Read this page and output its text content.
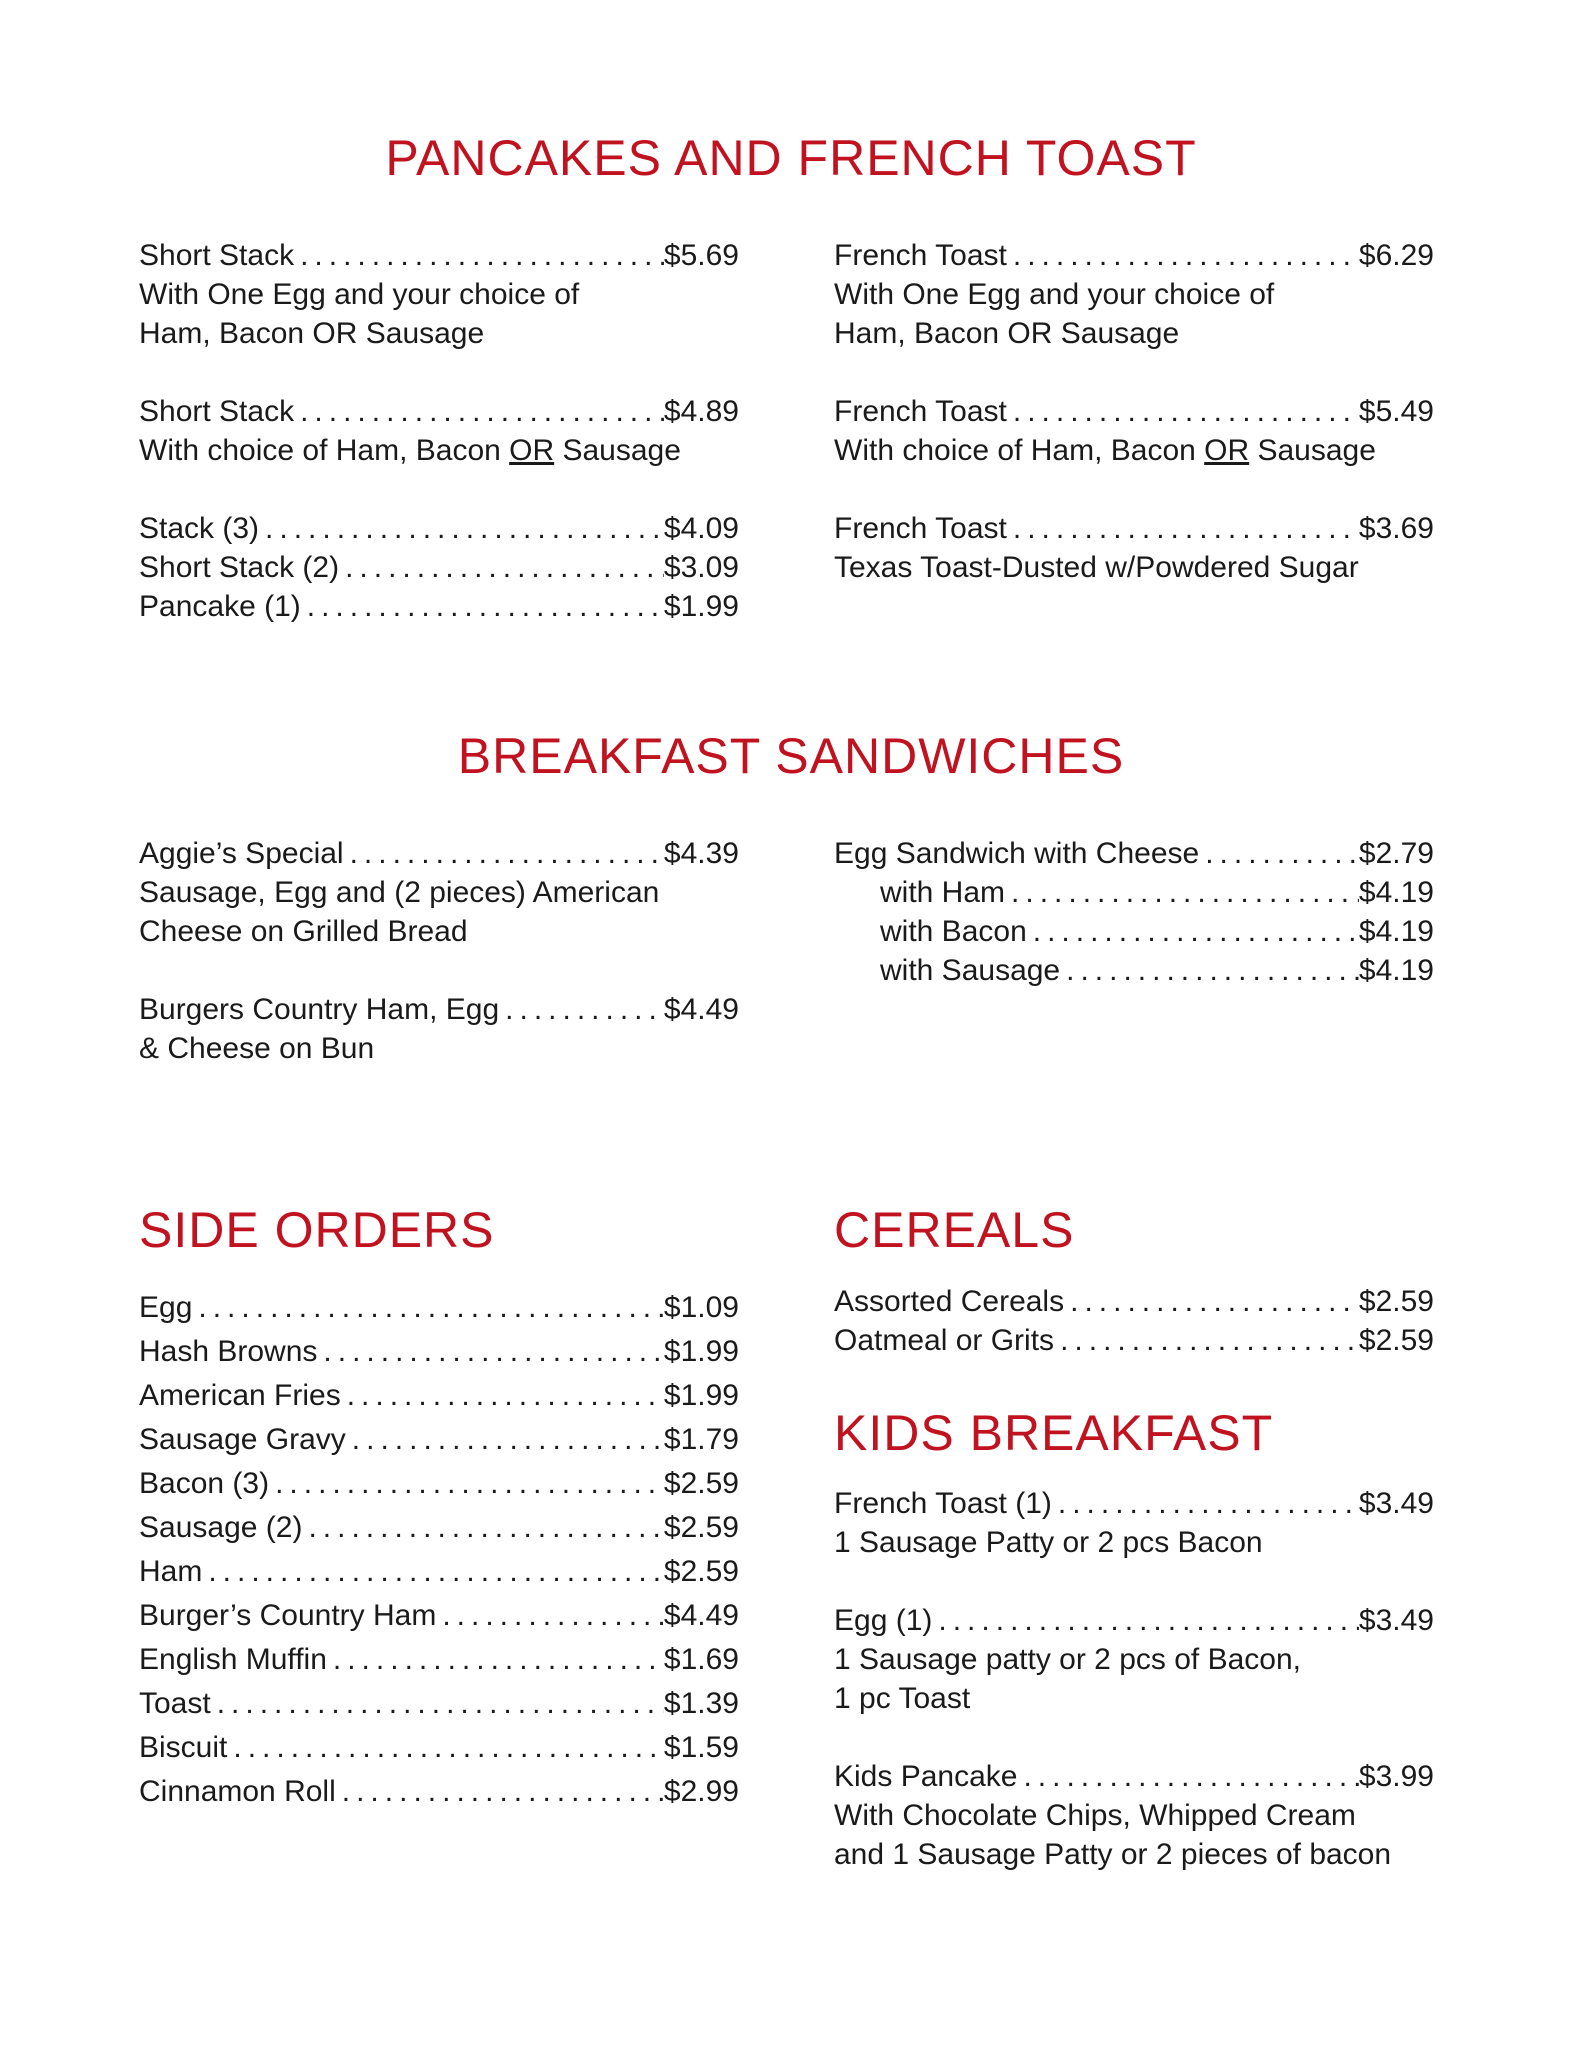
PANCAKES AND FRENCH TOAST
Short Stack .....	$5.69
With One Egg and your choice of
Ham, Bacon OR Sausage
Short Stack .....	$4.89
With choice of Ham, Bacon OR Sausage
Stack (3) .....	$4.09
Short Stack (2) .....	$3.09
Pancake (1) .....	$1.99
French Toast .....	$6.29
With One Egg and your choice of
Ham, Bacon OR Sausage
French Toast .....	$5.49
With choice of Ham, Bacon OR Sausage
French Toast .....	$3.69
Texas Toast-Dusted w/Powdered Sugar
BREAKFAST SANDWICHES
Aggie’s Special .....	$4.39
Sausage, Egg and (2 pieces) American
Cheese on Grilled Bread
Burgers Country Ham, Egg .....	$4.49
& Cheese on Bun
Egg Sandwich with Cheese .....	$2.79
with Ham .....	$4.19
with Bacon .....	$4.19
with Sausage .....	$4.19
SIDE ORDERS
Egg .....	$1.09
Hash Browns .....	$1.99
American Fries .....	$1.99
Sausage Gravy .....	$1.79
Bacon (3) .....	$2.59
Sausage (2) .....	$2.59
Ham .....	$2.59
Burger’s Country Ham .....	$4.49
English Muffin .....	$1.69
Toast .....	$1.39
Biscuit .....	$1.59
Cinnamon Roll .....	$2.99
CEREALS
Assorted Cereals .....	$2.59
Oatmeal or Grits .....	$2.59
KIDS BREAKFAST
French Toast (1) .....	$3.49
1 Sausage Patty or 2 pcs Bacon
Egg (1) .....	$3.49
1 Sausage patty or 2 pcs of Bacon,
1 pc Toast
Kids Pancake .....	$3.99
With Chocolate Chips, Whipped Cream
and 1 Sausage Patty or 2 pieces of bacon
